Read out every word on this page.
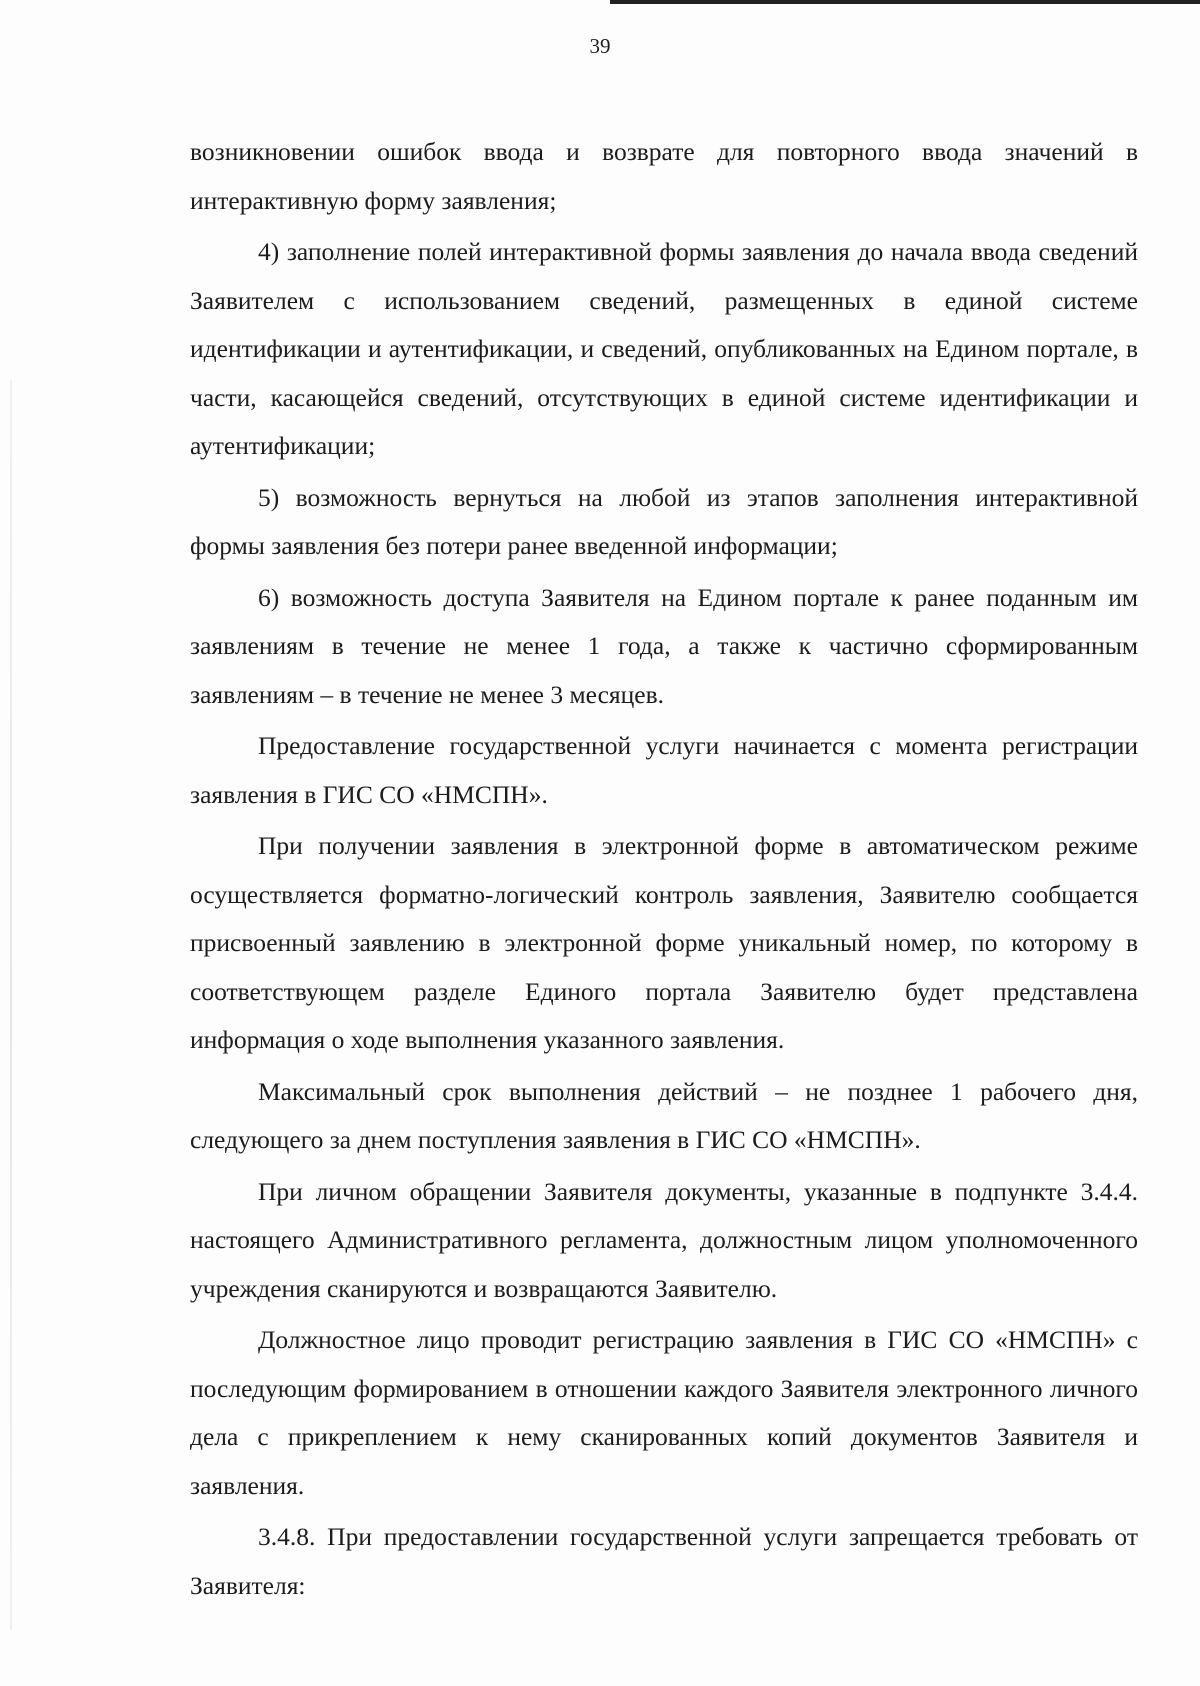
39

возникновении ошибок ввода и возврате для повторного ввода значений в интерактивную форму заявления;

4) заполнение полей интерактивной формы заявления до начала ввода сведений Заявителем с использованием сведений, размещенных в единой системе идентификации и аутентификации, и сведений, опубликованных на Едином портале, в части, касающейся сведений, отсутствующих в единой системе идентификации и аутентификации;

5) возможность вернуться на любой из этапов заполнения интерактивной формы заявления без потери ранее введенной информации;

6) возможность доступа Заявителя на Едином портале к ранее поданным им заявлениям в течение не менее 1 года, а также к частично сформированным заявлениям – в течение не менее 3 месяцев.

Предоставление государственной услуги начинается с момента регистрации заявления в ГИС СО «НМСПН».

При получении заявления в электронной форме в автоматическом режиме осуществляется форматно-логический контроль заявления, Заявителю сообщается присвоенный заявлению в электронной форме уникальный номер, по которому в соответствующем разделе Единого портала Заявителю будет представлена информация о ходе выполнения указанного заявления.

Максимальный срок выполнения действий – не позднее 1 рабочего дня, следующего за днем поступления заявления в ГИС СО «НМСПН».

При личном обращении Заявителя документы, указанные в подпункте 3.4.4. настоящего Административного регламента, должностным лицом уполномоченного учреждения сканируются и возвращаются Заявителю.

Должностное лицо проводит регистрацию заявления в ГИС СО «НМСПН» с последующим формированием в отношении каждого Заявителя электронного личного дела с прикреплением к нему сканированных копий документов Заявителя и заявления.

3.4.8. При предоставлении государственной услуги запрещается требовать от Заявителя:
